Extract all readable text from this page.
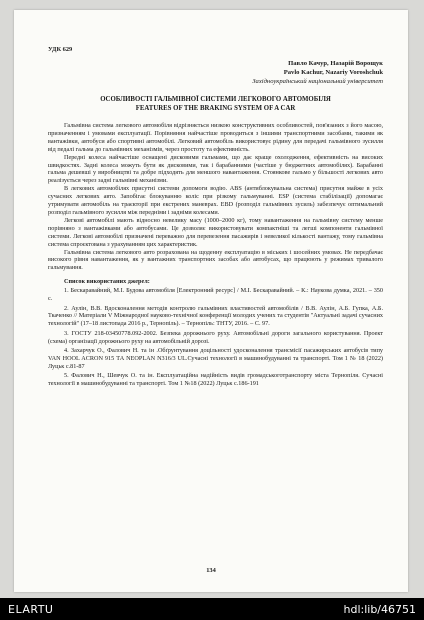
УДК 629
Павло Качур, Назарій Ворощук
Pavlo Kachur, Nazariy Voroshchuk
Західноукраїнський національний університет
ОСОБЛИВОСТІ ГАЛЬМІВНОЇ СИСТЕМИ ЛЕГКОВОГО АВТОМОБІЛЯ
FEATURES OF THE BRAKING SYSTEM OF A CAR

Гальмівна система легкового автомобіля відрізняється низкою конструктивних особливостей, пов'язаних з його масою, призначенням і умовами експлуатації. Порівняння найчастіше проводиться з іншими транспортними засобами, такими як вантажівки, автобуси або спортивні автомобілі. Легковий автомобіль використовує рідину для передачі гальмівного зусилля від педалі гальма до гальмівних механізмів, через простоту та ефективність.

Передні колеса найчастіше оснащені дисковими гальмами, що дає краще охолодження, ефективність на високих швидкостях. Задні колеса можуть бути як дисковими, так і барабанними (частіше у бюджетних автомобілях). Барабанні гальма дешевші у виробництві та добре підходять для меншого навантаження. Стоянкове гальмо у більшості легкових авто реалізується через задні гальмівні механізми.

В легкових автомобілях присутні системи допомоги водію. ABS (антиблокувальна система) присутня майже в усіх сучасних легкових авто. Запобігає блокуванню коліс при різкому гальмуванні. ESP (система стабілізації) допомагає утримувати автомобіль на траєкторії при екстрених маневрах. EBD (розподіл гальмівних зусиль) забезпечує оптимальний розподіл гальмівного зусилля між передніми і задніми колесами.

Легкові автомобілі мають відносно невелику масу (1000–2000 кг), тому навантаження на гальмівну систему менше порівняно з вантажівками або автобусами. Це дозволяє використовувати компактніші та легші компоненти гальмівної системи. Легкові автомобілі призначені переважно для перевезення пасажирів і невеликої кількості вантажу, тому гальмівна система спроєктована з урахуванням цих характеристик.

Гальмівна система легкового авто розрахована на щоденну експлуатацію в міських і шосейних умовах. Не передбачає високого рівня навантаження, як у вантажних транспортних засобах або автобусах, що працюють у режимах тривалого гальмування.

Список використаних джерел:

1. Бескаравайний, М.І. Будова автомобіля [Електронний ресурс] / М.І. Бескаравайний. – К.: Наукова думка, 2021. – 350 с.

2. Аулін, В.В. Вдосконалення методів контролю гальмівних властивостей автомобілів / В.В. Аулін, А.Б. Гупка, А.Б. Ткаченко // Матеріали V Міжнародної науково-технічної конференції молодих учених та студентів "Актуальні задачі сучасних технологій" (17–18 листопада 2016 р., Тернопіль). – Тернопіль: ТНТУ, 2016. – С. 97.

3. ГОСТУ 218-03450778.092-2002. Безпека дорожнього руху. Автомобільні дороги загального користування. Проект (схема) організації дорожнього руху на автомобільній дорозі.

4. Захарчук О., Фалович Н. та ін .Обґрунтування доцільності удосконалення трансмісії пасажирських автобусів типу VAN HOOL ACRON 915 ТА NEOPLAN N316/3 UL.Сучасні технології в машинобудуванні та транспорті. Том 1 № 18 (2022) Луцьк с.81-87

5. Фалович Н., Шевчук О. та ін. Експлуатаційна надійність видів громадськоготранспорту міста Тернопіля. Сучасні технології в машинобудуванні та транспорті. Том 1 №18 (2022) Луцьк с.186-191

134
ELARTU	hdl:lib/46751
